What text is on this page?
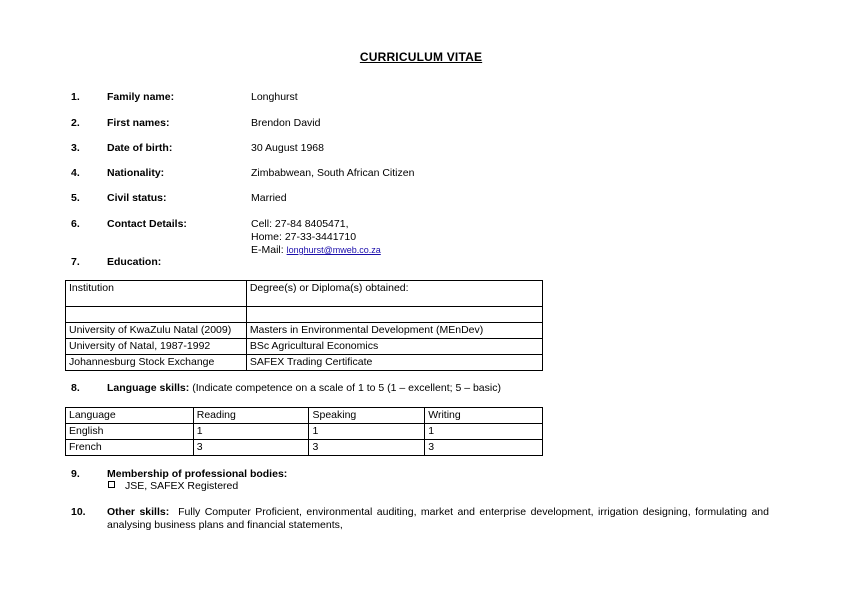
CURRICULUM VITAE
1.	Family name:	Longhurst
2.	First names:	Brendon David
3.	Date of birth:	30 August 1968
4.	Nationality:	Zimbabwean, South African Citizen
5.	Civil status:	Married
6.	Contact Details:	Cell: 27-84 8405471,
Home: 27-33-3441710
E-Mail: longhurst@mweb.co.za
7.	Education:
Institution	Degree(s) or Diploma(s) obtained:

University of KwaZulu Natal (2009)	Masters in Environmental Development (MEnDev)
University of Natal, 1987-1992	BSc Agricultural Economics
Johannesburg Stock Exchange	SAFEX Trading Certificate
8.	Language skills: (Indicate competence on a scale of 1 to 5 (1 – excellent; 5 – basic)
Language	Reading	Speaking	Writing
English	1	1	1
French	3	3	3
9.	Membership of professional bodies:
JSE, SAFEX Registered
10. Other skills: Fully Computer Proficient, environmental auditing, market and enterprise development, irrigation designing, formulating and analysing business plans and financial statements,
